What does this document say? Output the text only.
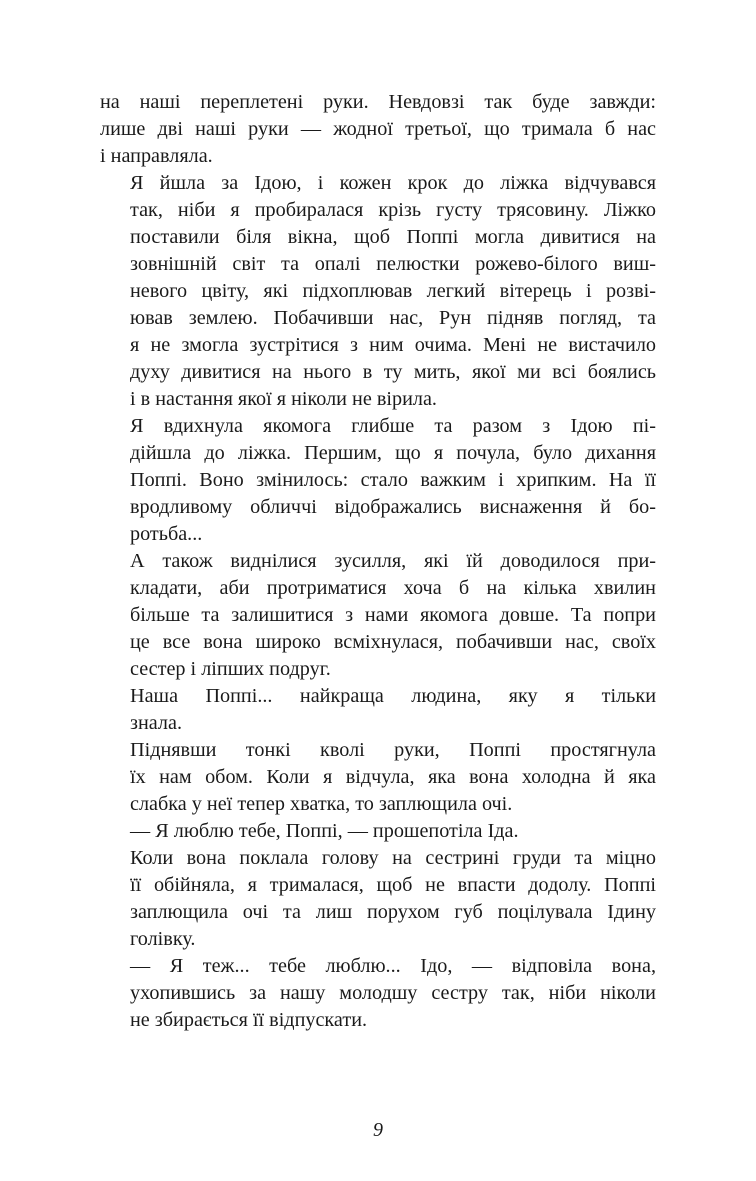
на наші переплетені руки. Невдовзі так буде завжди:
лише дві наші руки — жодної третьої, що тримала б нас
і направляла.

Я йшла за Ідою, і кожен крок до ліжка відчувався
так, ніби я пробиралася крізь густу трясовину. Ліжко
поставили біля вікна, щоб Поппі могла дивитися на
зовнішній світ та опалі пелюстки рожево-білого виш-
невого цвіту, які підхоплював легкий вітерець і розві-
ював землею. Побачивши нас, Рун підняв погляд, та
я не змогла зустрітися з ним очима. Мені не вистачило
духу дивитися на нього в ту мить, якої ми всі боялись
і в настання якої я ніколи не вірила.

Я вдихнула якомога глибше та разом з Ідою пі-
дійшла до ліжка. Першим, що я почула, було дихання
Поппі. Воно змінилось: стало важким і хрипким. На її
вродливому обличчі відображались виснаження й бо-
ротьба...

А також виднілися зусилля, які їй доводилося при-
кладати, аби протриматися хоча б на кілька хвилин
більше та залишитися з нами якомога довше. Та попри
це все вона широко всміхнулася, побачивши нас, своїх
сестер і ліпших подруг.

Наша Поппі... найкраща людина, яку я тільки
знала.

Піднявши тонкі кволі руки, Поппі простягнула
їх нам обом. Коли я відчула, яка вона холодна й яка
слабка у неї тепер хватка, то заплющила очі.

— Я люблю тебе, Поппі, — прошепотіла Іда.

Коли вона поклала голову на сестрині груди та міцно
її обійняла, я трималася, щоб не впасти додолу. Поппі
заплющила очі та лиш порухом губ поцілувала Ідину
голівку.

— Я теж... тебе люблю... Ідо, — відповіла вона,
ухопившись за нашу молодшу сестру так, ніби ніколи
не збирається її відпускати.

9
